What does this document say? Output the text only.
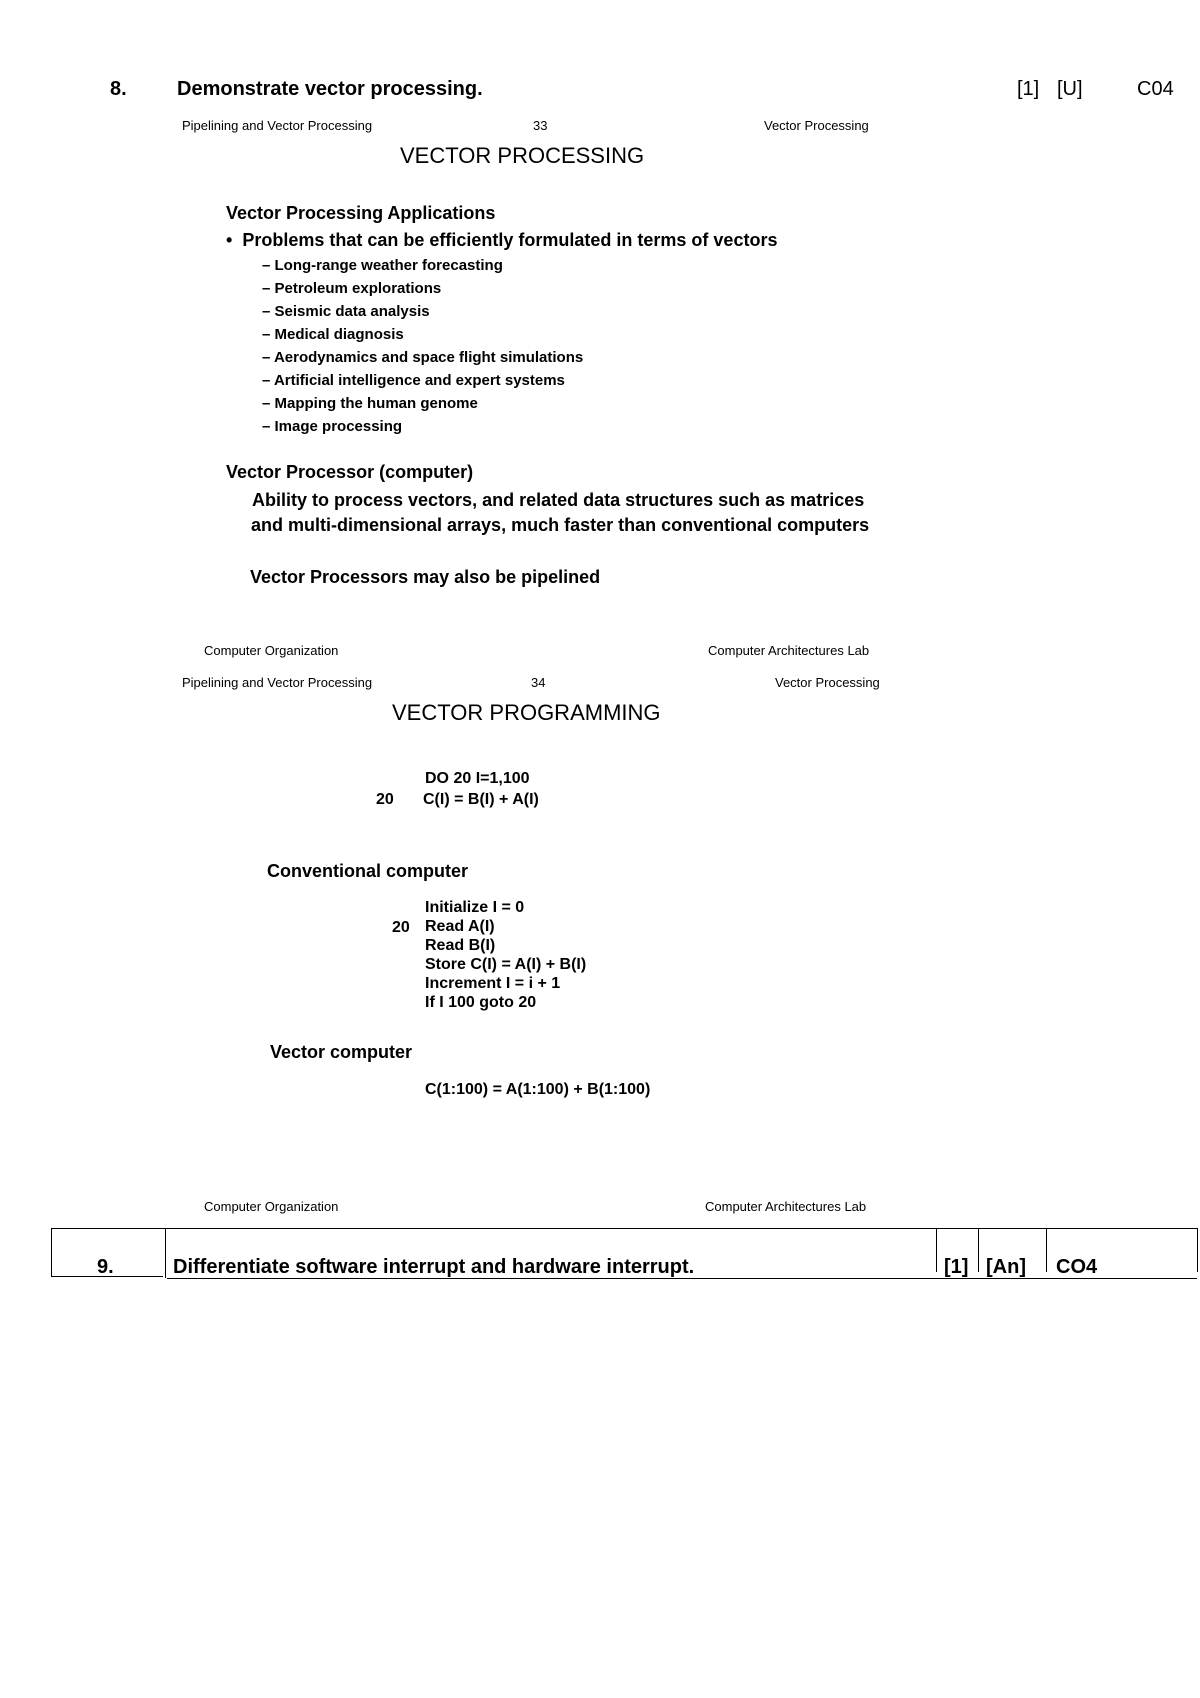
8.	Demonstrate vector processing.	[1] [U]	C04
Pipelining and Vector Processing	33	Vector Processing
VECTOR PROCESSING
Vector Processing Applications
• Problems that can be efficiently formulated in terms of vectors
– Long-range weather forecasting
– Petroleum explorations
– Seismic data analysis
– Medical diagnosis
– Aerodynamics and space flight simulations
– Artificial intelligence and expert systems
– Mapping the human genome
– Image processing
Vector Processor (computer)
Ability to process vectors, and related data structures such as matrices
and multi-dimensional arrays, much faster than conventional computers
Vector Processors may also be pipelined
Computer Organization	Computer Architectures Lab
Pipelining and Vector Processing	34	Vector Processing
VECTOR PROGRAMMING
DO 20 I=1,100
20 C(I) = B(I) + A(I)
Conventional computer
20
Initialize I = 0
Read A(I)
Read B(I)
Store C(I) = A(I) + B(I)
Increment I = i + 1
If I 100 goto 20
Vector computer
C(1:100) = A(1:100) + B(1:100)
Computer Organization	Computer Architectures Lab
9.	Differentiate software interrupt and hardware interrupt.	[1] [An] CO4
